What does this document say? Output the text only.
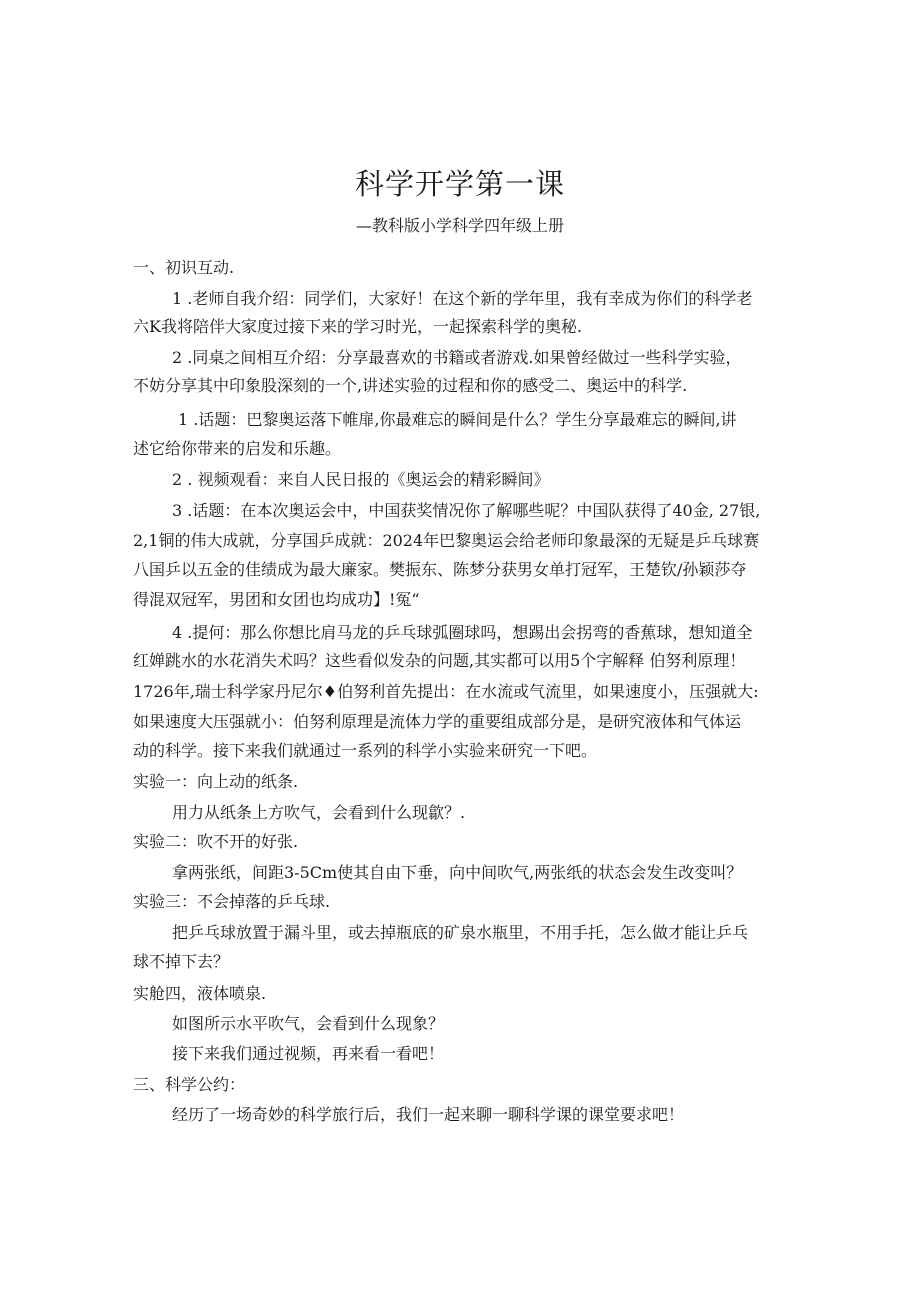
科学开学第一课
—教科版小学科学四年级上册
一、初识互动.
1 .老师自我介绍：同学们，大家好！在这个新的学年里，我有幸成为你们的科学老
六K我将陪伴大家度过接下来的学习时光，一起探索科学的奥秘.
2 .同桌之间相互介绍：分享最喜欢的书籍或者游戏.如果曾经做过一些科学实验，
不妨分享其中印象股深刻的一个,讲述实验的过程和你的感受二、奥运中的科学.
1 .话题：巴黎奥运落下帷扉,你最难忘的瞬间是什么？学生分享最难忘的瞬间,讲
述它给你带来的启发和乐趣。
2 . 视频观看：来自人民日报的《奥运会的精彩瞬间》
3 .话题：在本次奥运会中，中国获奖情况你了解哪些呢？中国队获得了40金, 27银,
2,1铜的伟大成就，分享国乒成就：2024年巴黎奥运会给老师印象最深的无疑是乒乓球赛
八国乒以五金的佳绩成为最大廉家。樊振东、陈梦分获男女单打冠军，王楚钦/孙颖莎夺
得混双冠军，男团和女团也均成功】!冤“
4 .提何：那么你想比肩马龙的乒乓球弧圈球吗，想踢出会拐弯的香蕉球，想知道全
红婵跳水的水花消失术吗？这些看似发杂的问题,其实都可以用5个字解释 伯努利原理！
1726年,瑞士科学家丹尼尔♦伯努利首先提出：在水流或气流里，如果速度小，压强就大:
如果速度大压强就小：伯努利原理是流体力学的重要组成部分是，是研究液体和气体运
动的科学。接下来我们就通过一系列的科学小实验来研究一下吧。
实验一：向上动的纸条.
用力从纸条上方吹气，会看到什么现歙？.
实验二：吹不开的好张.
拿两张纸，间距3-5Cm使其自由下垂，向中间吹气,两张纸的状态会发生改变叫？
实验三：不会掉落的乒乓球.
把乒乓球放置于漏斗里，或去掉瓶底的矿泉水瓶里，不用手托，怎么做才能让乒乓
球不掉下去？
实舱四，液体喷泉.
如图所示水平吹气，会看到什么现象？
接下来我们通过视频，再来看一看吧！
三、科学公约：
经历了一场奇妙的科学旅行后，我们一起来聊一聊科学课的课堂要求吧！
